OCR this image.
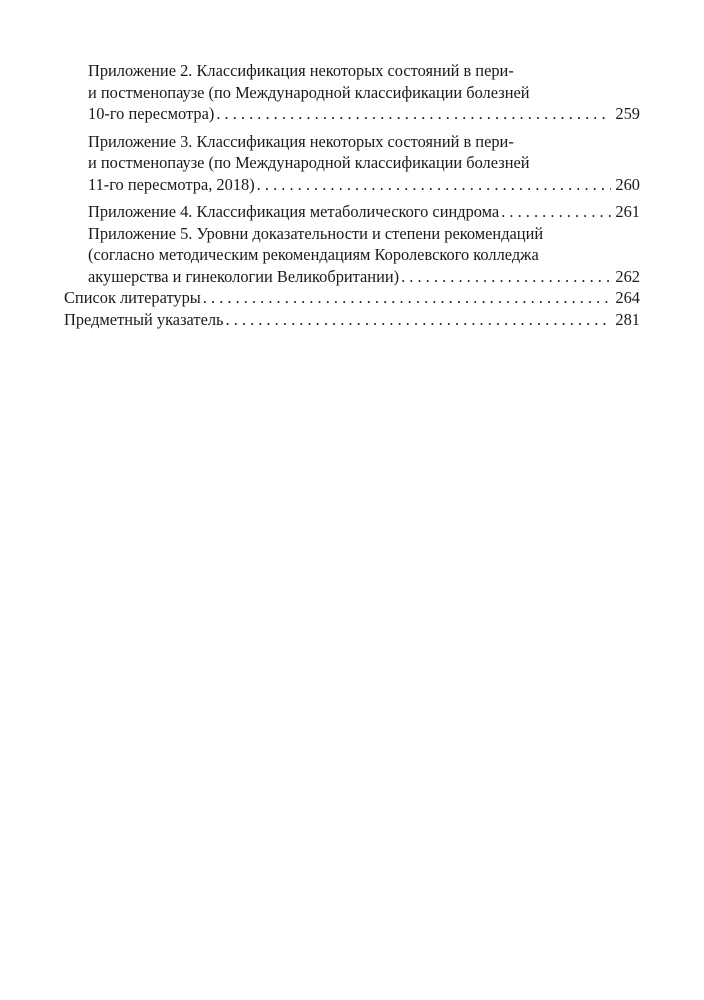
Приложение 2. Классификация некоторых состояний в пери-
и постменопаузе (по Международной классификации болезней
10-го пересмотра) . . .	259
Приложение 3. Классификация некоторых состояний в пери-
и постменопаузе (по Международной классификации болезней
11-го пересмотра, 2018) . . .	260
Приложение 4. Классификация метаболического синдрома . . .	261
Приложение 5. Уровни доказательности и степени рекомендаций
(согласно методическим рекомендациям Королевского колледжа
акушерства и гинекологии Великобритании) . . .	262
Список литературы . . .	264
Предметный указатель . . .	281
